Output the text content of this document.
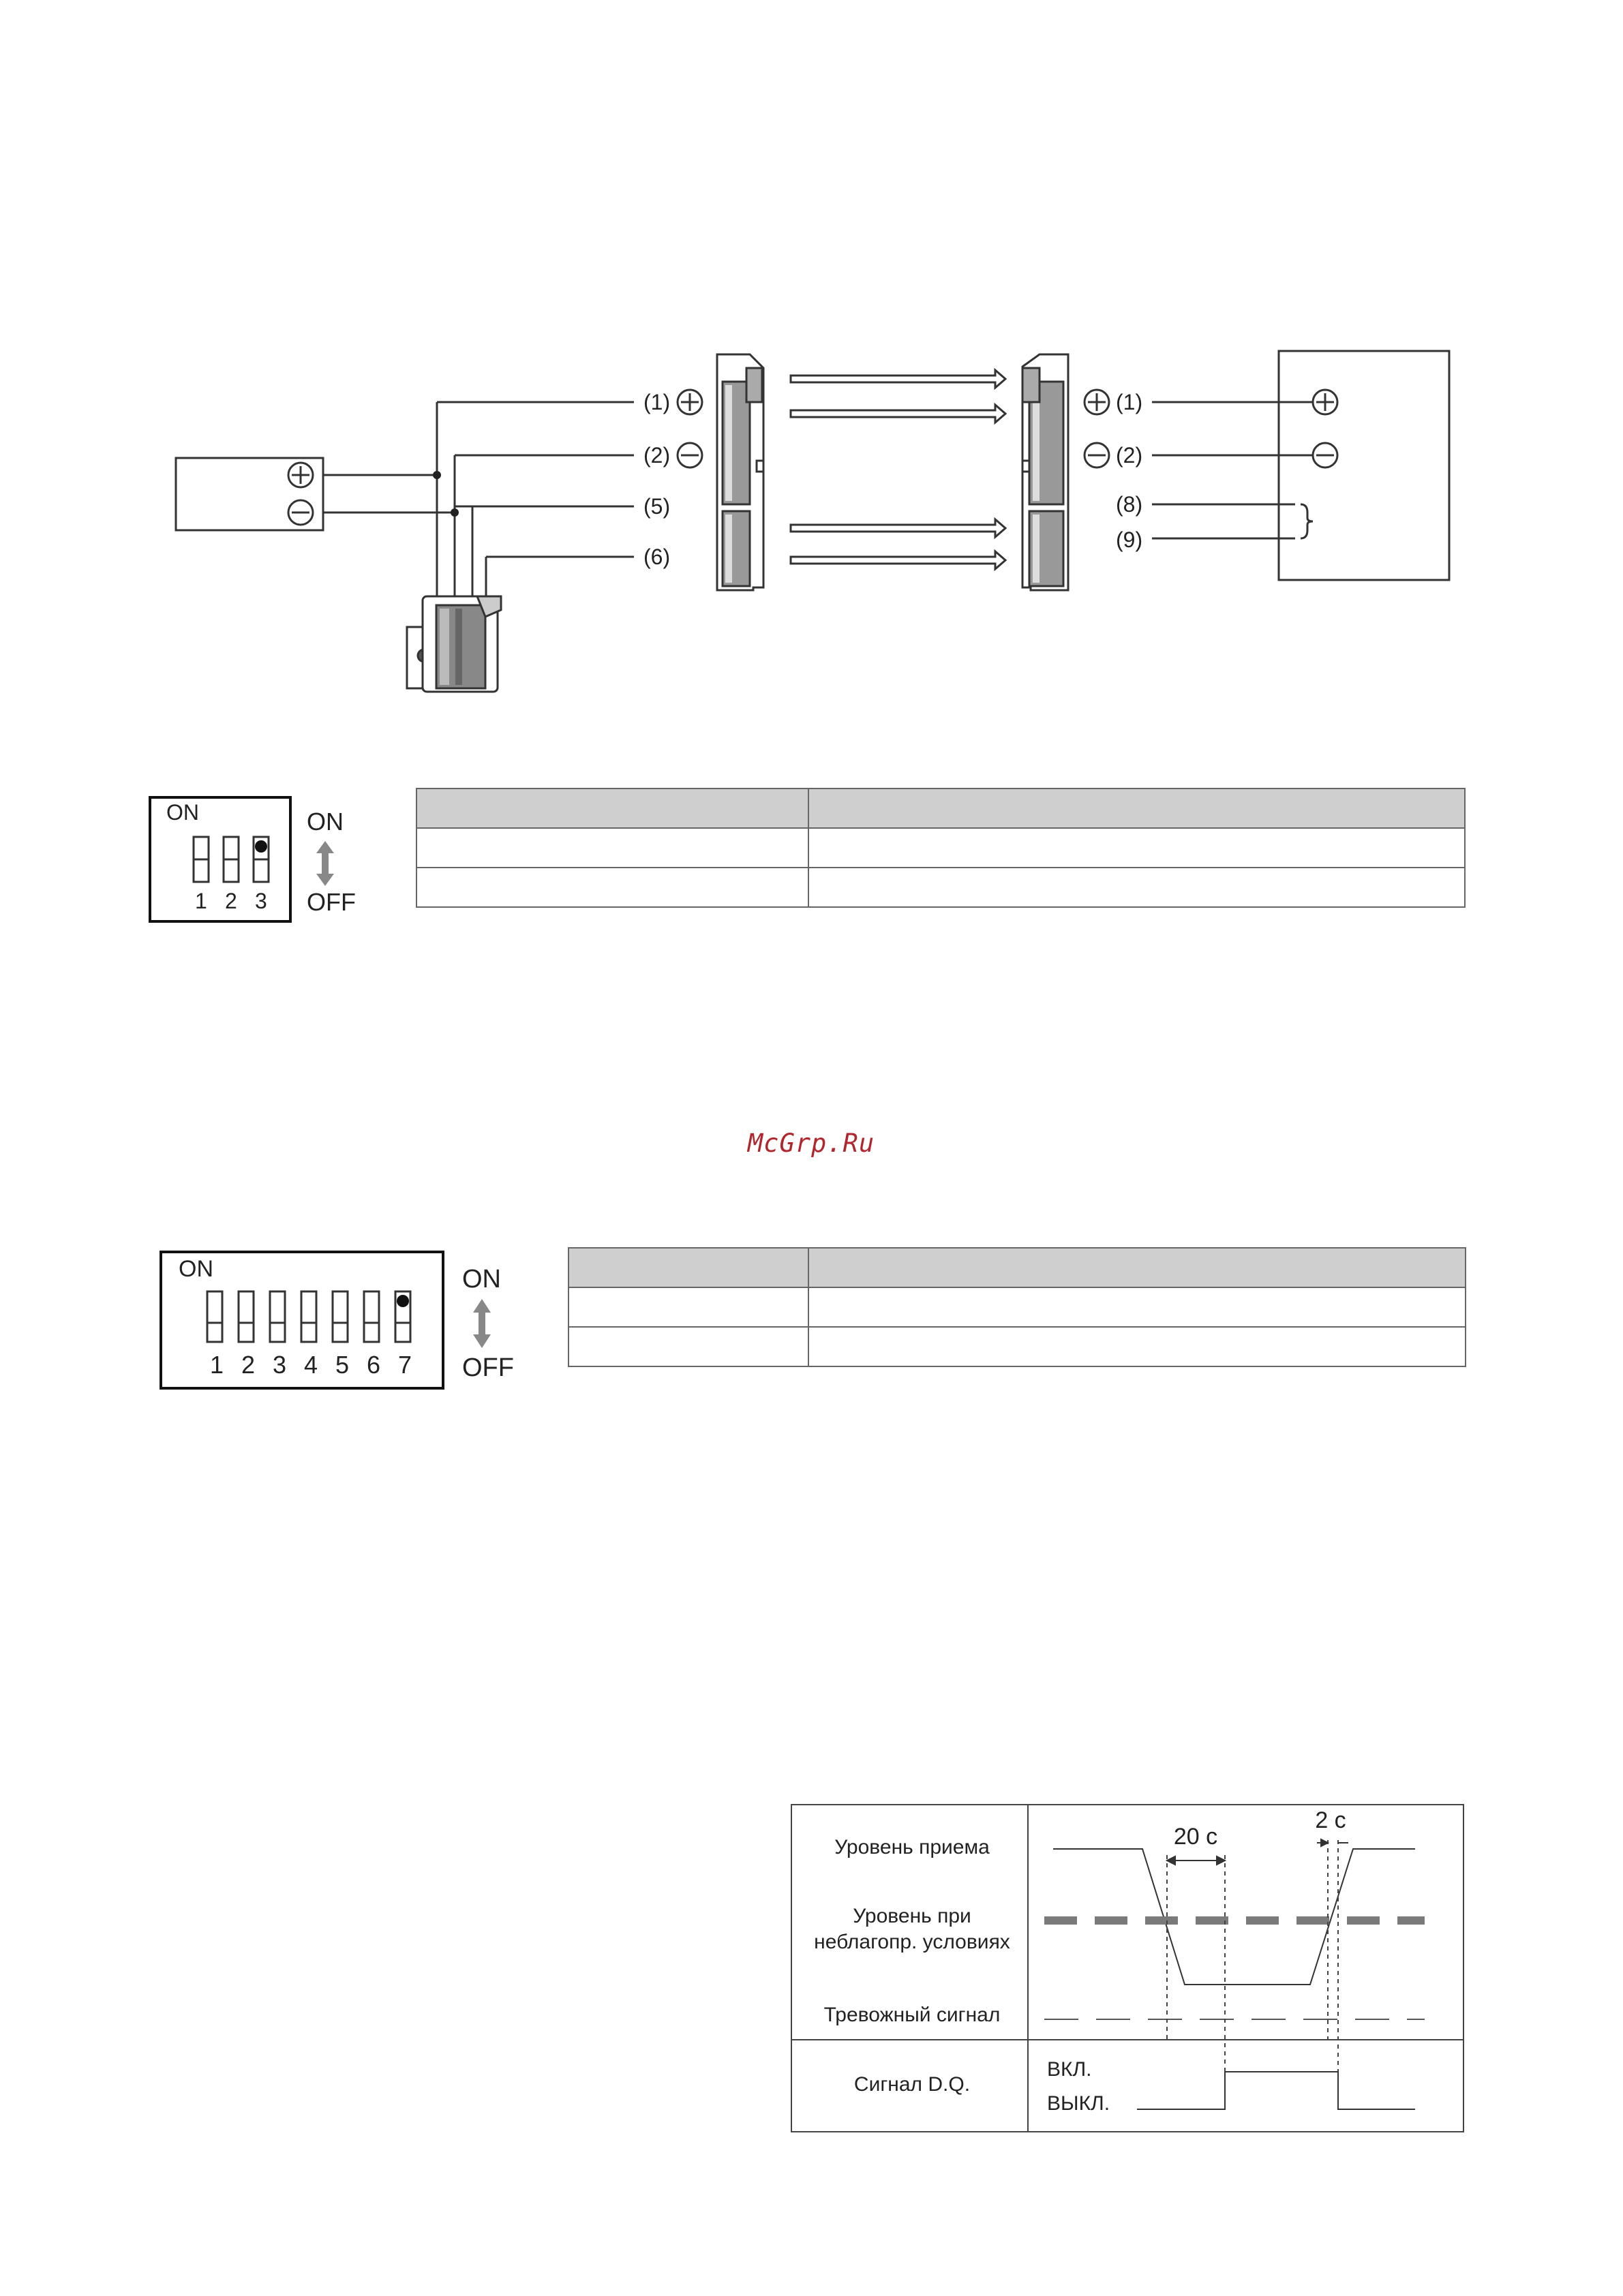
(1)
(2)
(5)
(6)
(1)
(2)
(8)
(9)
ON
1 2 3
ON
OFF

McGrp.Ru
ON
1 2 3 4 5 6 7
ON
OFF

Уровень приема
Уровень при неблагопр. условиях
Тревожный сигнал
Сигнал D.Q.
ВКЛ.
ВЫКЛ.
20 с
2 с
